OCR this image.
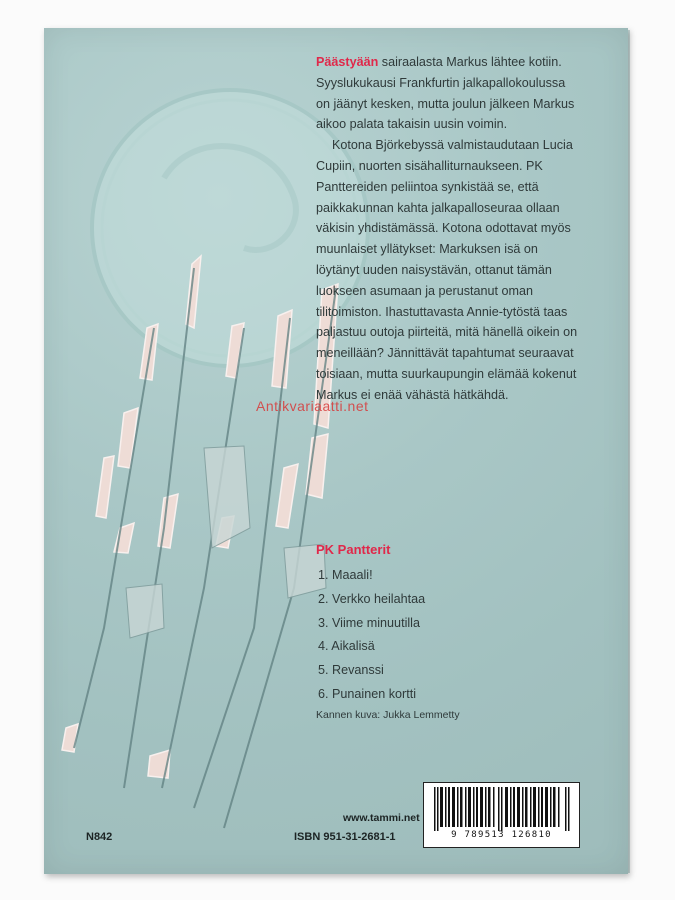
Päästyään sairaalasta Markus lähtee kotiin. Syyslukukausi Frankfurtin jalkapallokoulussa on jäänyt kesken, mutta joulun jälkeen Markus aikoo palata takaisin uusin voimin.

Kotona Björkebyssä valmistaudutaan Lucia Cupiin, nuorten sisähalliturnaukseen. PK Panttereiden peliintoa synkistää se, että paikkakunnan kahta jalkapalloseuraa ollaan väkisin yhdistämässä. Kotona odottavat myös muunlaiset yllätykset: Markuksen isä on löytänyt uuden naisystävän, ottanut tämän luokseen asumaan ja perustanut oman tilitoimiston. Ihastuttavasta Annie-tytöstä taas paljastuu outoja piirteitä, mitä hänellä oikein on meneillään? Jännittävät tapahtumat seuraavat toisiaan, mutta suurkaupungin elämää kokenut Markus ei enää vähästä hätkähdä.

Antikvariaatti.net
PK Pantterit
1. Maaali!
2. Verkko heilahtaa
3. Viime minuutilla
4. Aikalisä
5. Revanssi
6. Punainen kortti
Kannen kuva: Jukka Lemmetty
9 789513 126810
www.tammi.net
ISBN 951-31-2681-1
N842
